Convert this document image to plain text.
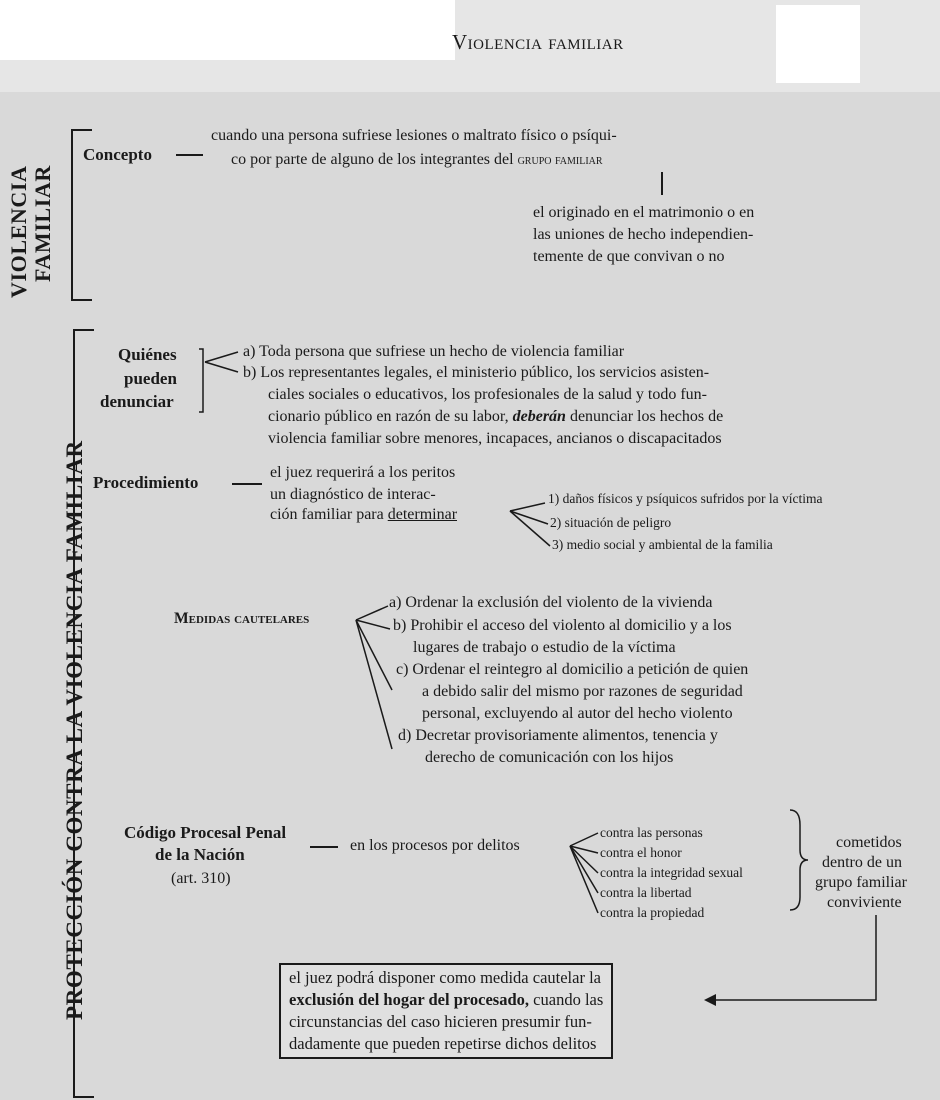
Violencia familiar
VIOLENCIA FAMILIAR
PROTECCIÓN CONTRA LA VIOLENCIA FAMILIAR
Concepto
cuando una persona sufriese lesiones o maltrato físico o psíqui-
co por parte de alguno de los integrantes del grupo familiar
el originado en el matrimonio o en
las uniones de hecho independien-
temente de que convivan o no
Quiénes
pueden
denunciar
a) Toda persona que sufriese un hecho de violencia familiar
b) Los representantes legales, el ministerio público, los servicios asisten-
ciales sociales o educativos, los profesionales de la salud y todo fun-
cionario público en razón de su labor, deberán denunciar los hechos de
violencia familiar sobre menores, incapaces, ancianos o discapacitados
Procedimiento
el juez requerirá a los peritos
un diagnóstico de interac-
ción familiar para determinar
1) daños físicos y psíquicos sufridos por la víctima
2) situación de peligro
3) medio social y ambiental de la familia
Medidas cautelares
a) Ordenar la exclusión del violento de la vivienda
b) Prohibir el acceso del violento al domicilio y a los
lugares de trabajo o estudio de la víctima
c) Ordenar el reintegro al domicilio a petición de quien
a debido salir del mismo por razones de seguridad
personal, excluyendo al autor del hecho violento
d) Decretar provisoriamente alimentos, tenencia y
derecho de comunicación con los hijos
Código Procesal Penal
de la Nación
(art. 310)
en los procesos por delitos
contra las personas
contra el honor
contra la integridad sexual
contra la libertad
contra la propiedad
cometidos
dentro de un
grupo familiar
conviviente
el juez podrá disponer como medida cautelar la
exclusión del hogar del procesado, cuando las
circunstancias del caso hicieren presumir fun-
dadamente que pueden repetirse dichos delitos
